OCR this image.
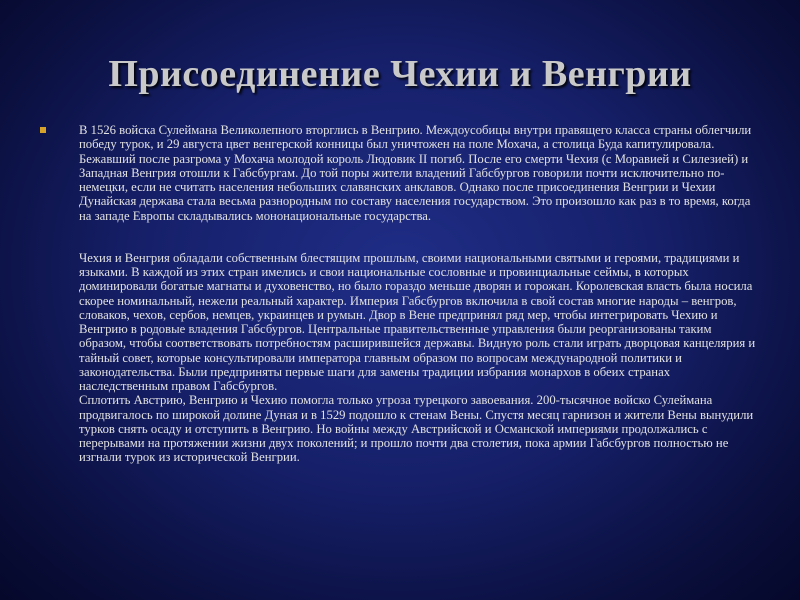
Присоединение Чехии и Венгрии

В 1526 войска Сулеймана Великолепного вторглись в Венгрию. Междоусобицы внутри правящего класса страны облегчили победу турок, и 29 августа цвет венгерской конницы был уничтожен на поле Мохача, а столица Буда капитулировала. Бежавший после разгрома у Мохача молодой король Людовик II погиб. После его смерти Чехия (с Моравией и Силезией) и Западная Венгрия отошли к Габсбургам. До той поры жители владений Габсбургов говорили почти исключительно по-немецки, если не считать населения небольших славянских анклавов. Однако после присоединения Венгрии и Чехии Дунайская держава стала весьма разнородным по составу населения государством. Это произошло как раз в то время, когда на западе Европы складывались мононациональные государства.

Чехия и Венгрия обладали собственным блестящим прошлым, своими национальными святыми и героями, традициями и языками. В каждой из этих стран имелись и свои национальные сословные и провинциальные сеймы, в которых доминировали богатые магнаты и духовенство, но было гораздо меньше дворян и горожан. Королевская власть была носила скорее номинальный, нежели реальный характер. Империя Габсбургов включила в свой состав многие народы – венгров, словаков, чехов, сербов, немцев, украинцев и румын. Двор в Вене предпринял ряд мер, чтобы интегрировать Чехию и Венгрию в родовые владения Габсбургов. Центральные правительственные управления были реорганизованы таким образом, чтобы соответствовать потребностям расширившейся державы. Видную роль стали играть дворцовая канцелярия и тайный совет, которые консультировали императора главным образом по вопросам международной политики и законодательства. Были предприняты первые шаги для замены традиции избрания монархов в обеих странах наследственным правом Габсбургов.

Сплотить Австрию, Венгрию и Чехию помогла только угроза турецкого завоевания. 200-тысячное войско Сулеймана продвигалось по широкой долине Дуная и в 1529 подошло к стенам Вены. Спустя месяц гарнизон и жители Вены вынудили турков снять осаду и отступить в Венгрию. Но войны между Австрийской и Османской империями продолжались с перерывами на протяжении жизни двух поколений; и прошло почти два столетия, пока армии Габсбургов полностью не изгнали турок из исторической Венгрии.
